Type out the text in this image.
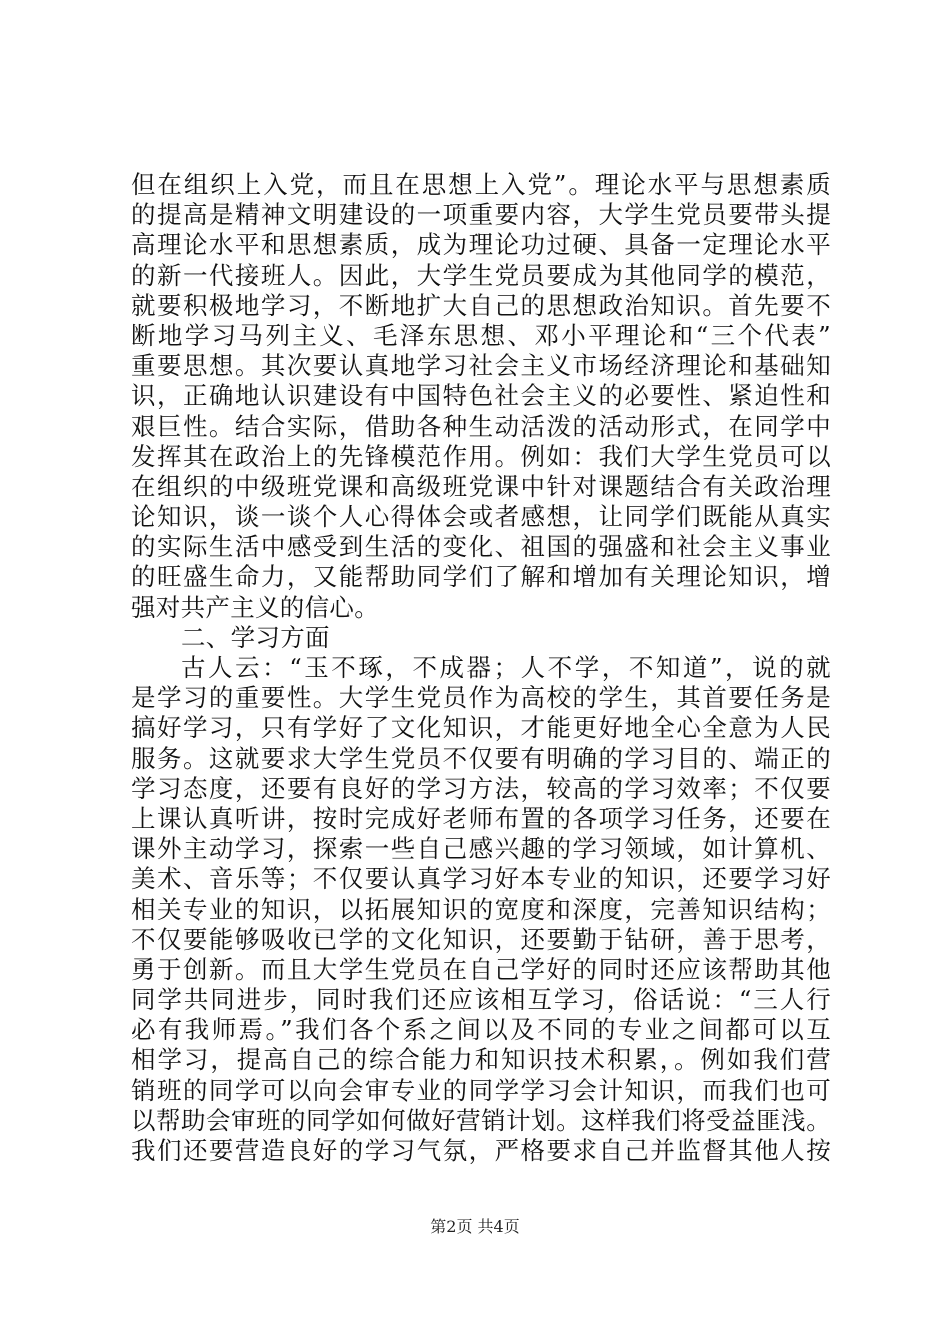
但在组织上入党，而且在思想上入党”。理论水平与思想素质
的提高是精神文明建设的一项重要内容，大学生党员要带头提
高理论水平和思想素质，成为理论功过硬、具备一定理论水平
的新一代接班人。因此，大学生党员要成为其他同学的模范，
就要积极地学习，不断地扩大自己的思想政治知识。首先要不
断地学习马列主义、毛泽东思想、邓小平理论和“三个代表”
重要思想。其次要认真地学习社会主义市场经济理论和基础知
识，正确地认识建设有中国特色社会主义的必要性、紧迫性和
艰巨性。结合实际，借助各种生动活泼的活动形式，在同学中
发挥其在政治上的先锋模范作用。例如：我们大学生党员可以
在组织的中级班党课和高级班党课中针对课题结合有关政治理
论知识，谈一谈个人心得体会或者感想，让同学们既能从真实
的实际生活中感受到生活的变化、祖国的强盛和社会主义事业
的旺盛生命力，又能帮助同学们了解和增加有关理论知识，增
强对共产主义的信心。
二、学习方面
古人云：“玉不琢，不成器；人不学，不知道”，说的就
是学习的重要性。大学生党员作为高校的学生，其首要任务是
搞好学习，只有学好了文化知识，才能更好地全心全意为人民
服务。这就要求大学生党员不仅要有明确的学习目的、端正的
学习态度，还要有良好的学习方法，较高的学习效率；不仅要
上课认真听讲，按时完成好老师布置的各项学习任务，还要在
课外主动学习，探索一些自己感兴趣的学习领域，如计算机、
美术、音乐等；不仅要认真学习好本专业的知识，还要学习好
相关专业的知识，以拓展知识的宽度和深度，完善知识结构；
不仅要能够吸收已学的文化知识，还要勤于钻研，善于思考，
勇于创新。而且大学生党员在自己学好的同时还应该帮助其他
同学共同进步，同时我们还应该相互学习，俗话说：“三人行
必有我师焉。”我们各个系之间以及不同的专业之间都可以互
相学习，提高自己的综合能力和知识技术积累，。例如我们营
销班的同学可以向会审专业的同学学习会计知识，而我们也可
以帮助会审班的同学如何做好营销计划。这样我们将受益匪浅。
我们还要营造良好的学习气氛，严格要求自己并监督其他人按
第2页 共4页
